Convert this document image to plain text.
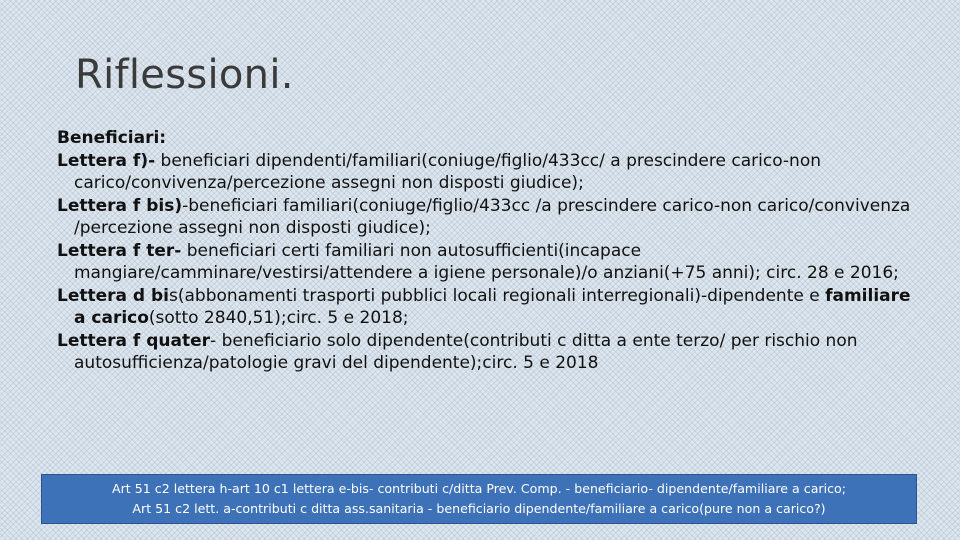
Riflessioni.

Beneficiari:

Lettera f)- beneficiari dipendenti/familiari(coniuge/figlio/433cc/ a prescindere carico-non carico/convivenza/percezione assegni non disposti giudice);

Lettera f bis)-beneficiari familiari(coniuge/figlio/433cc /a prescindere carico-non carico/convivenza /percezione assegni non disposti giudice);

Lettera f ter- beneficiari certi familiari non autosufficienti(incapace mangiare/camminare/vestirsi/attendere a igiene personale)/o anziani(+75 anni); circ. 28 e 2016;

Lettera d bis(abbonamenti trasporti pubblici locali regionali interregionali)-dipendente e familiare a carico(sotto 2840,51);circ. 5 e 2018;

Lettera f quater- beneficiario solo dipendente(contributi c ditta a ente terzo/ per rischio non autosufficienza/patologie gravi del dipendente);circ. 5 e 2018

Art 51 c2 lettera h-art 10 c1 lettera e-bis- contributi c/ditta Prev. Comp. - beneficiario- dipendente/familiare a carico;
Art 51 c2 lett. a-contributi c ditta ass.sanitaria - beneficiario dipendente/familiare a carico(pure non a carico?)
